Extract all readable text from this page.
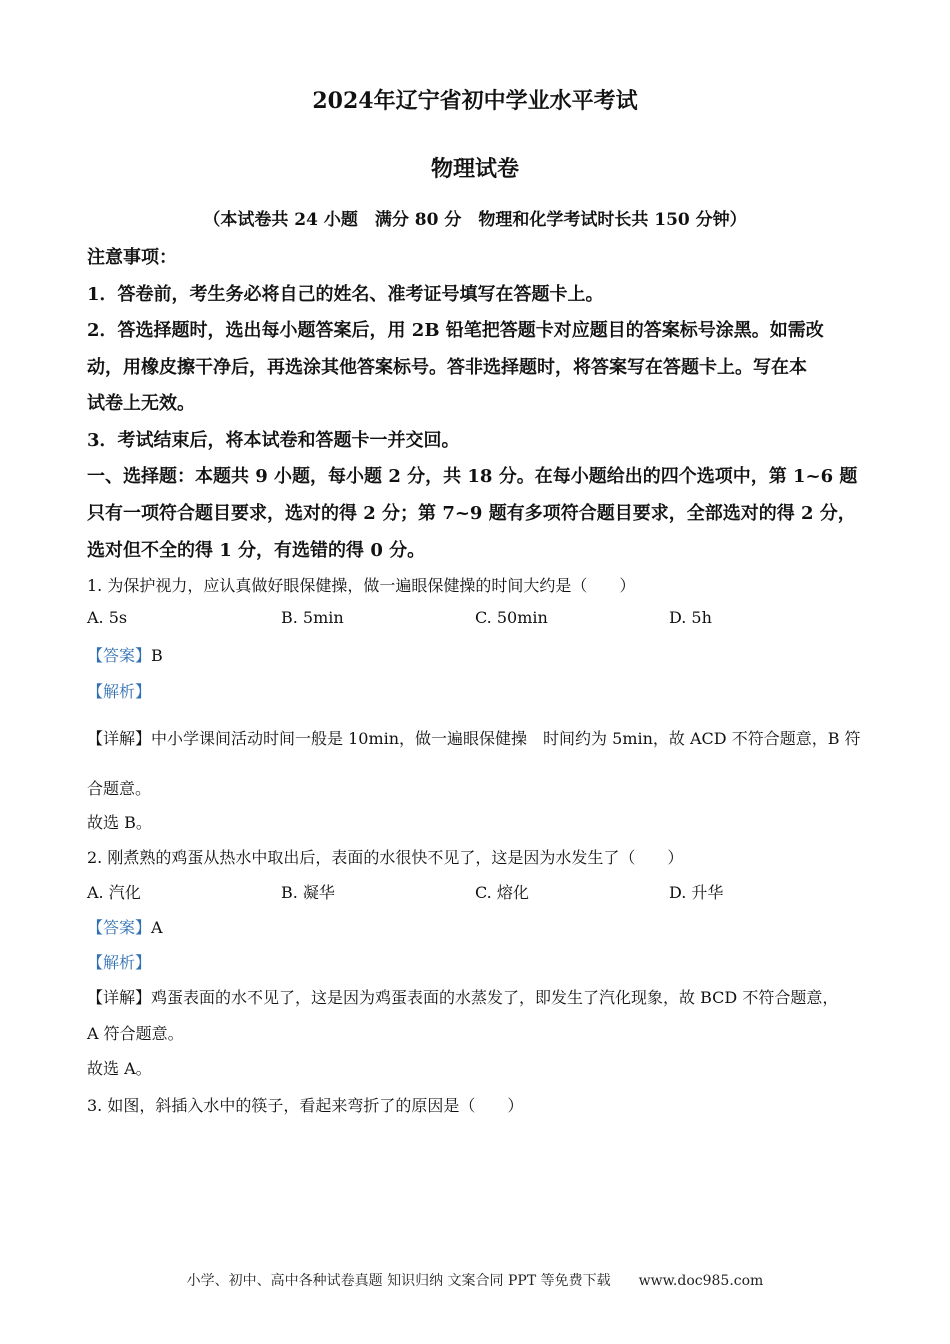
2024年辽宁省初中学业水平考试
物理试卷
（本试卷共 24 小题　满分 80 分　物理和化学考试时长共 150 分钟）
注意事项：
1．答卷前，考生务必将自己的姓名、准考证号填写在答题卡上。
2．答选择题时，选出每小题答案后，用 2B 铅笔把答题卡对应题目的答案标号涂黑。如需改
动，用橡皮擦干净后，再选涂其他答案标号。答非选择题时，将答案写在答题卡上。写在本
试卷上无效。
3．考试结束后，将本试卷和答题卡一并交回。
一、选择题：本题共 9 小题，每小题 2 分，共 18 分。在每小题给出的四个选项中，第 1~6 题
只有一项符合题目要求，选对的得 2 分；第 7~9 题有多项符合题目要求，全部选对的得 2 分，
选对但不全的得 1 分，有选错的得 0 分。
1. 为保护视力，应认真做好眼保健操，做一遍眼保健操的时间大约是（　　）
A. 5s	B. 5min	C. 50min	D. 5h
【答案】B
【解析】
【详解】中小学课间活动时间一般是 10min，做一遍眼保健操　时间约为 5min，故 ACD 不符合题意，B 符
合题意。
故选 B。
2. 刚煮熟的鸡蛋从热水中取出后，表面的水很快不见了，这是因为水发生了（　　）
A. 汽化	B. 凝华	C. 熔化	D. 升华
【答案】A
【解析】
【详解】鸡蛋表面的水不见了，这是因为鸡蛋表面的水蒸发了，即发生了汽化现象，故 BCD 不符合题意，
A 符合题意。
故选 A。
3. 如图，斜插入水中的筷子，看起来弯折了的原因是（　　）
小学、初中、高中各种试卷真题 知识归纳 文案合同 PPT 等免费下载　　www.doc985.com
